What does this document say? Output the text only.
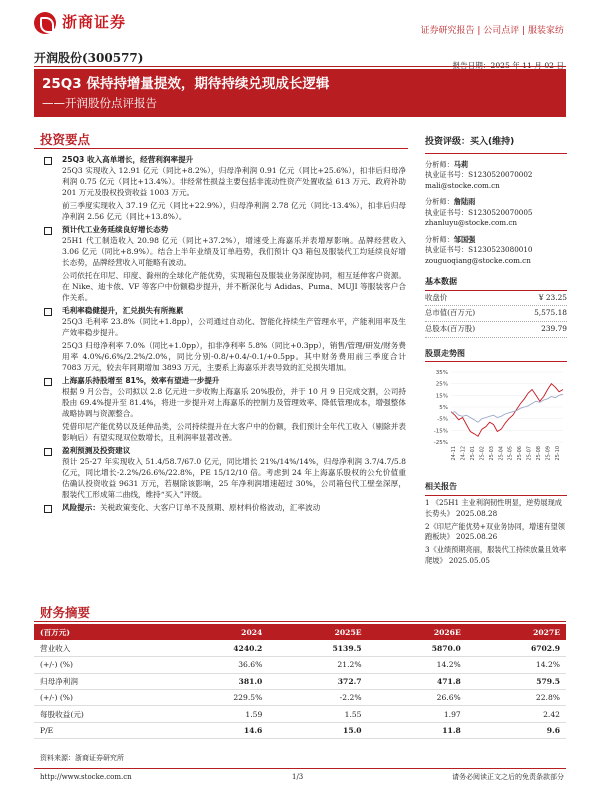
浙商证券	证券研究报告 | 公司点评 | 服装家纺
开润股份(300577)
25Q3 保持持增量提效，期待持续兑现成长逻辑
——开润股份点评报告
投资要点
25Q3 收入高单增长，经营利润率提升
25Q3 实现收入 12.91 亿元（同比+8.2%），归母净利润 0.91 亿元（同比+25.6%），扣非后归母净利润 0.75 亿元（同比+13.4%）。非经常性损益主要包括非流动性资产处置收益 613 万元、政府补助 201 万元及股权投资收益 1003 万元。
前三季度实现收入 37.19 亿元（同比+22.9%），归母净利润 2.78 亿元（同比-13.4%），扣非后归母净利润 2.56 亿元（同比+13.8%）。
预计代工业务延续良好增长态势
25H1 代工制造收入 20.98 亿元（同比+37.2%），增速受上海嘉乐并表增厚影响。品牌经营收入 3.06 亿元（同比+8.9%）。结合上半年业绩及订单趋势，我们预计 Q3 箱包及服装代工均延续良好增长态势，品牌经营收入可能略有波动。
公司依托在印尼、印度、滁州的全球化产能优势，实现箱包及服装业务深度协同，相互延伸客户资源。在 Nike、迪卡侬、VF 等客户中份额稳步提升，并不断深化与 Adidas、Puma、MUJI 等服装客户合作关系。
毛利率稳健提升，汇兑损失有所拖累
25Q3 毛利率 23.8%（同比+1.8pp），公司通过自动化、智能化持续生产管理水平，产能利用率及生产效率稳步提升。
25Q3 归母净利率 7.0%（同比+1.0pp），扣非净利率 5.8%（同比+0.3pp），销售/管理/研发/财务费用率 4.0%/6.6%/2.2%/2.0%，同比分别-0.8/+0.4/-0.1/+0.5pp。其中财务费用前三季度合计 7083 万元，较去年同期增加 3893 万元，主要系上海嘉乐并表导致的汇兑损失增加。
上海嘉乐持股增至 81%，效率有望进一步提升
根据 9 月公告，公司拟以 2.8 亿元进一步收购上海嘉乐 20%股份，并于 10 月 9 日完成交割，公司持股由 69.4%提升至 81.4%，将进一步提升对上海嘉乐的控制力及管理效率、降低管理成本，增强整体战略协调与资源整合。
凭借印尼产能优势以及延伸品类，公司持续提升在大客户中的份额，我们预计全年代工收入（剔除并表影响后）有望实现双位数增长，且利润率显著改善。
盈利预测及投资建议
预计 25-27 年实现收入 51.4/58.7/67.0 亿元，同比增长 21%/14%/14%，归母净利润 3.7/4.7/5.8 亿元，同比增长-2.2%/26.6%/22.8%，PE 15/12/10 倍。考虑到 24 年上海嘉乐股权的公允价值重估确认投资收益 9631 万元，若剔除该影响，25 年净利润增速超过 30%，公司箱包代工壁垒深厚，服装代工形成第二曲线，维持“买入”评级。
风险提示：关税政策变化、大客户订单不及预期、原材料价格波动，汇率波动
投资评级：买入(维持)
分析师：马莉
执业证书号：S1230520070002
mali@stocke.com.cn
分析师：詹陆雨
执业证书号：S1230520070005
zhanluyu@stocke.com.cn
分析师：邹国强
执业证书号：S1230523080010
zouguoqiang@stocke.com.cn
基本数据
收盘价	¥ 23.25
总市值(百万元)	5,575.18
总股本(百万股)	239.79
股票走势图
35%
25%
15%
5%
-5%
-15%
-25%
24-11 24-12 25-01 25-02 25-03 25-04 25-05 25-06 25-07 25-08 25-09 25-10
相关报告
1 《25H1 主业利润韧性明显，逆势展现成长势头》 2025.08.28
2《印尼产能优势+双业务协同，增速有望领跑板块》 2025.08.26
3《业绩预期亮丽，服装代工持续放量且效率爬坡》 2025.05.05
财务摘要
(百万元)	2024	2025E	2026E	2027E
营业收入	4240.2	5139.5	5870.0	6702.9
(+/-) (%)	36.6%	21.2%	14.2%	14.2%
归母净利润	381.0	372.7	471.8	579.5
(+/-) (%)	229.5%	-2.2%	26.6%	22.8%
每股收益(元)	1.59	1.55	1.97	2.42
P/E	14.6	15.0	11.8	9.6
资料来源：浙商证券研究所
http://www.stocke.com.cn	1/3	请务必阅读正文之后的免责条款部分
